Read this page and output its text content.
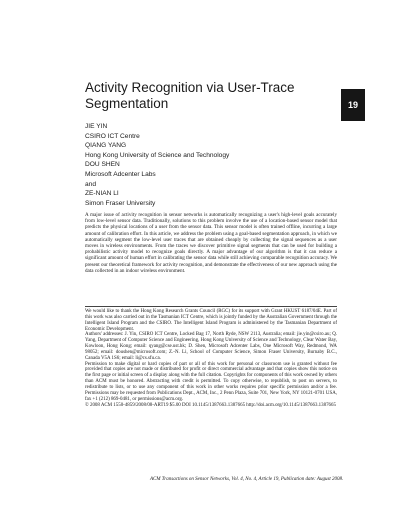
19
Activity Recognition via User-Trace Segmentation
JIE YIN
CSIRO ICT Centre
QIANG YANG
Hong Kong University of Science and Technology
DOU SHEN
Microsoft Adcenter Labs
and
ZE-NIAN LI
Simon Fraser University
A major issue of activity recognition in sensor networks is automatically recognizing a user's high-level goals accurately from low-level sensor data. Traditionally, solutions to this problem involve the use of a location-based sensor model that predicts the physical locations of a user from the sensor data. This sensor model is often trained offline, incurring a large amount of calibration effort. In this article, we address the problem using a goal-based segmentation approach, in which we automatically segment the low-level user traces that are obtained cheaply by collecting the signal sequences as a user moves in wireless environments. From the traces we discover primitive signal segments that can be used for building a probabilistic activity model to recognize goals directly. A major advantage of our algorithm is that it can reduce a significant amount of human effort in calibrating the sensor data while still achieving comparable recognition accuracy. We present our theoretical framework for activity recognition, and demonstrate the effectiveness of our new approach using the data collected in an indoor wireless environment.

We would like to thank the Hong Kong Research Grants Council (RGC) for its support with Grant HKUST 6187/04E. Part of this work was also carried out in the Tasmanian ICT Centre, which is jointly funded by the Australian Government through the Intelligent Island Program and the CSIRO. The Intelligent Island Program is administered by the Tasmanian Department of Economic Development.

Authors' addresses: J. Yin, CSIRO ICT Centre, Locked Bag 17, North Ryde, NSW 2113, Australia; email: jie.yin@csiro.au; Q. Yang, Department of Computer Science and Engineering, Hong Kong University of Science and Technology, Clear Water Bay, Kowloon, Hong Kong; email: qyang@cse.ust.hk; D. Shen, Microsoft Adcenter Labs, One Microsoft Way, Redmond, WA 98052; email: doushen@microsoft.com; Z.-N. Li, School of Computer Science, Simon Fraser University, Burnaby B.C., Canada V5A 1S6; email: li@cs.sfu.ca.

Permission to make digital or hard copies of part or all of this work for personal or classroom use is granted without fee provided that copies are not made or distributed for profit or direct commercial advantage and that copies show this notice on the first page or initial screen of a display along with the full citation. Copyrights for components of this work owned by others than ACM must be honored. Abstracting with credit is permitted. To copy otherwise, to republish, to post on servers, to redistribute to lists, or to use any component of this work in other works requires prior specific permission and/or a fee. Permissions may be requested from Publications Dept., ACM, Inc., 2 Penn Plaza, Suite 701, New York, NY 10121-0701 USA, fax +1 (212) 869-0481, or permissions@acm.org.

© 2008 ACM 1550-4859/2008/08-ART19 $5.00 DOI 10.1145/1387663.1387665 http://doi.acm.org/10.1145/1387663.1387665

ACM Transactions on Sensor Networks, Vol. 4, No. 4, Article 19, Publication date: August 2008.
